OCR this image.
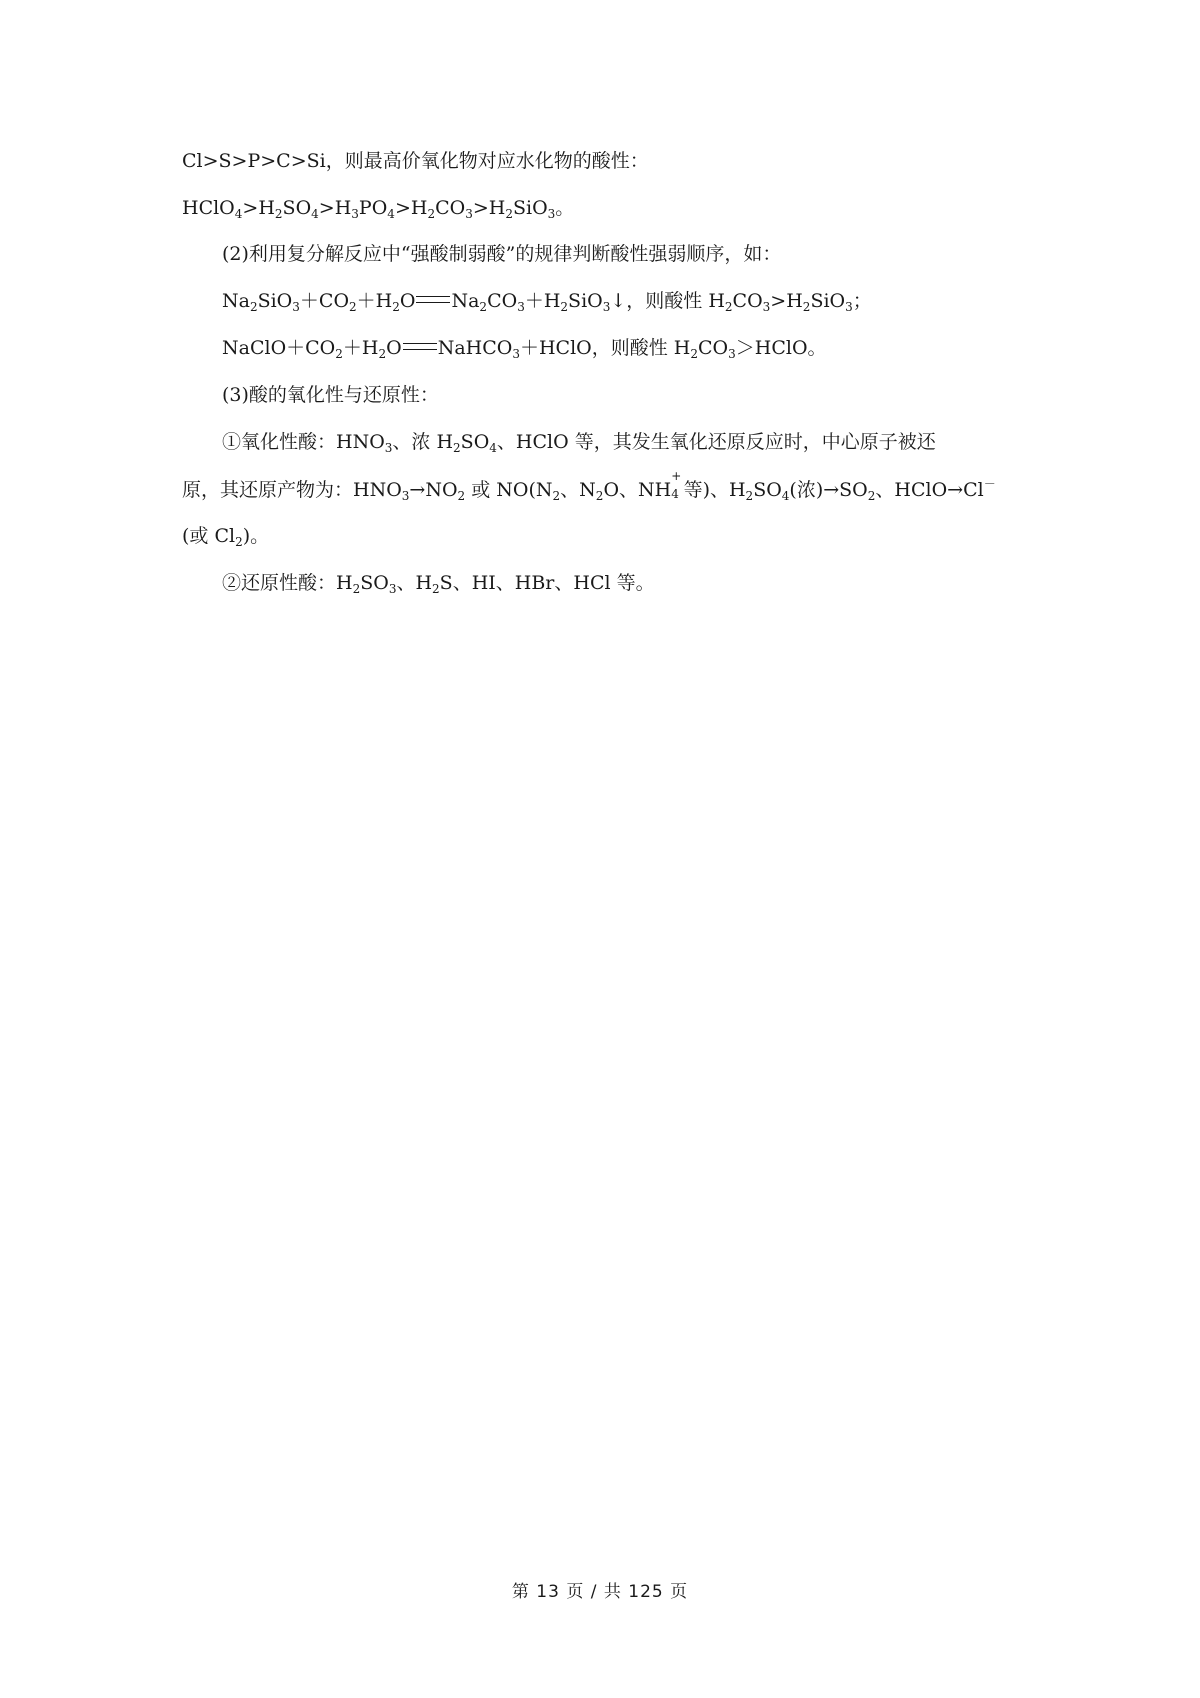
Cl>S>P>C>Si，则最高价氧化物对应水化物的酸性：
$HClO_4>H_2SO_4>H_3PO_4>H_2CO_3>H_2SiO_3$。
(2)利用复分解反应中“强酸制弱酸”的规律判断酸性强弱顺序，如：
$Na_2SiO_3+CO_2+H_2O$ $Na_2CO_3+H_2SiO_3↓$，则酸性 $H_2CO_3>H_2SiO_3$；
$NaClO+CO_2+H_2O$ NaHCO$_3$＋HClO，则酸性 $H_2CO_3>HClO$。
(3)酸的氧化性与还原性：
①氧化性酸：$HNO_3$、浓 $H_2SO_4$、HClO 等，其发生氧化还原反应时，中心原子被还
原，其还原产物为：$HNO_3\to NO_2$ 或 $NO(N_2$、$N_2O$、NH
+
4 等)、$H_2SO_4$(浓)$\to SO_2$、HClO→Cl－
(或 $Cl_2$)。
②还原性酸：$H_2SO_3$、$H_2S$、HI、HBr、HCl 等。
第 13 页 / 共 125 页
